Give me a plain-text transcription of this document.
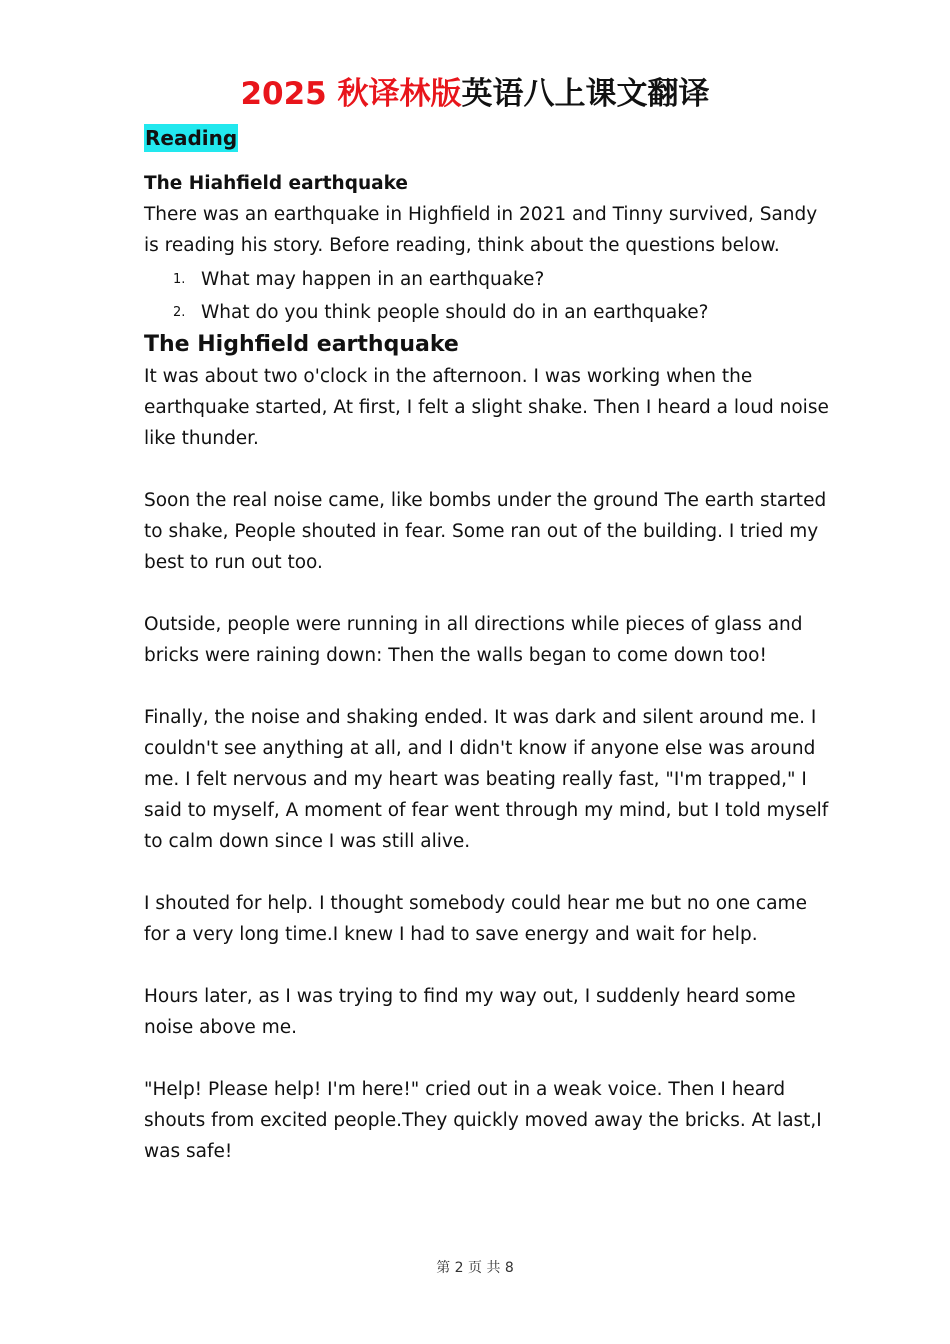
2025 秋译林版英语八上课文翻译
Reading
The Hiahfield earthquake

There was an earthquake in Highfield in 2021 and Tinny survived, Sandy is reading his story. Before reading, think about the questions below.

1. What may happen in an earthquake?
2. What do you think people should do in an earthquake?
The Highfield earthquake

It was about two o'clock in the afternoon. I was working when the earthquake started, At first, I felt a slight shake. Then I heard a loud noise like thunder.

Soon the real noise came, like bombs under the ground The earth started to shake, People shouted in fear. Some ran out of the building. I tried my best to run out too.

Outside, people were running in all directions while pieces of glass and bricks were raining down: Then the walls began to come down too!

Finally, the noise and shaking ended. It was dark and silent around me. I couldn't see anything at all, and I didn't know if anyone else was around me. I felt nervous and my heart was beating really fast, "I'm trapped," I said to myself, A moment of fear went through my mind, but I told myself to calm down since I was still alive.

I shouted for help. I thought somebody could hear me but no one came for a very long time.I knew I had to save energy and wait for help.

Hours later, as I was trying to find my way out, I suddenly heard some noise above me.

"Help! Please help! I'm here!" cried out in a weak voice. Then I heard shouts from excited people.They quickly moved away the bricks. At last,I was safe!

第 2 页 共 8
